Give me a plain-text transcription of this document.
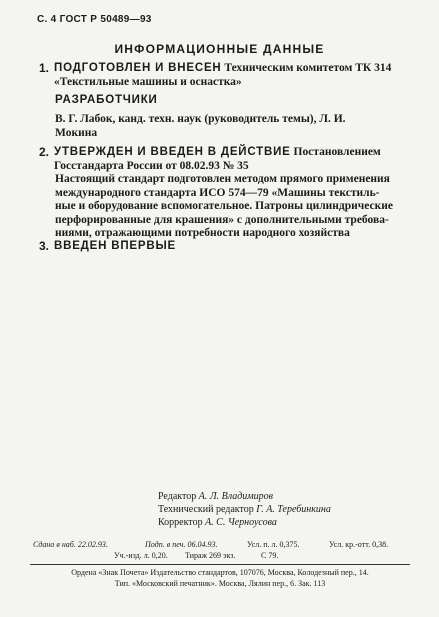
С. 4 ГОСТ Р 50489—93
ИНФОРМАЦИОННЫЕ ДАННЫЕ
1. ПОДГОТОВЛЕН И ВНЕСЕН Техническим комитетом ТК 314
«Текстильные машины и оснастка»
РАЗРАБОТЧИКИ
В. Г. Лабок, канд. техн. наук (руководитель темы), Л. И.
Мокина
2. УТВЕРЖДЕН И ВВЕДЕН В ДЕЙСТВИЕ Постановлением
Госстандарта России от 08.02.93 № 35
Настоящий стандарт подготовлен методом прямого применения
международного стандарта ИСО 574—79 «Машины текстиль-
ные и оборудование вспомогательное. Патроны цилиндрические
перфорированные для крашения» с дополнительными требова-
ниями, отражающими потребности народного хозяйства
3. ВВЕДЕН ВПЕРВЫЕ
Редактор А. Л. Владимиров
Технический редактор Г. А. Теребинкина
Корректор А. С. Черноусова
Сдано в наб. 22.02.93.	Подп. в печ. 06.04.93.	Усл. п. л. 0,375.	Усл. кр.-отт. 0,38.
Уч.-изд. л. 0,20. Тираж 269 экз.	С 79.
Ордена «Знак Почета» Издательство стандартов, 107076, Москва, Колодезный пер., 14.
Тип. «Московский печатник». Москва, Лялин пер., 6. Зак. 113
